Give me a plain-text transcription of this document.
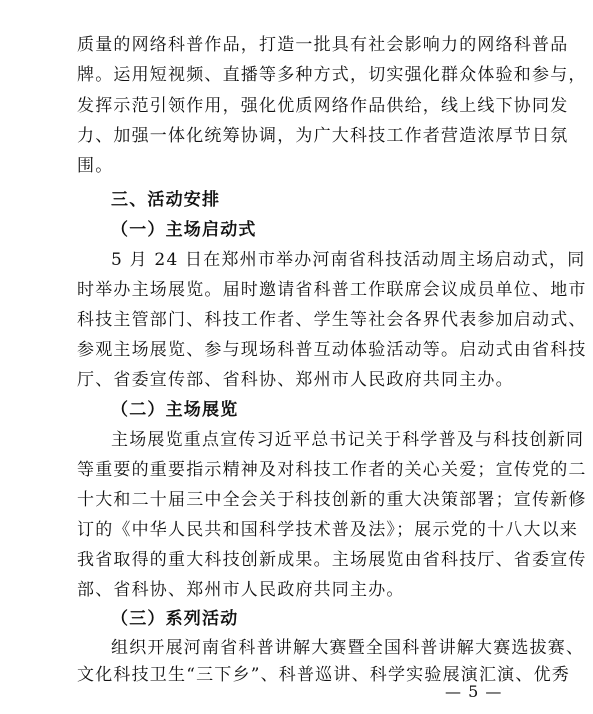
质量的网络科普作品，打造一批具有社会影响力的网络科普品
牌。运用短视频、直播等多种方式，切实强化群众体验和参与，
发挥示范引领作用，强化优质网络作品供给，线上线下协同发
力、加强一体化统筹协调，为广大科技工作者营造浓厚节日氛
围。
三、活动安排
（一）主场启动式
5 月 24 日在郑州市举办河南省科技活动周主场启动式，同
时举办主场展览。届时邀请省科普工作联席会议成员单位、地市
科技主管部门、科技工作者、学生等社会各界代表参加启动式、
参观主场展览、参与现场科普互动体验活动等。启动式由省科技
厅、省委宣传部、省科协、郑州市人民政府共同主办。
（二）主场展览
主场展览重点宣传习近平总书记关于科学普及与科技创新同
等重要的重要指示精神及对科技工作者的关心关爱；宣传党的二
十大和二十届三中全会关于科技创新的重大决策部署；宣传新修
订的《中华人民共和国科学技术普及法》；展示党的十八大以来
我省取得的重大科技创新成果。主场展览由省科技厅、省委宣传
部、省科协、郑州市人民政府共同主办。
（三）系列活动
组织开展河南省科普讲解大赛暨全国科普讲解大赛选拔赛、
文化科技卫生“三下乡”、科普巡讲、科学实验展演汇演、优秀
— 5 —
